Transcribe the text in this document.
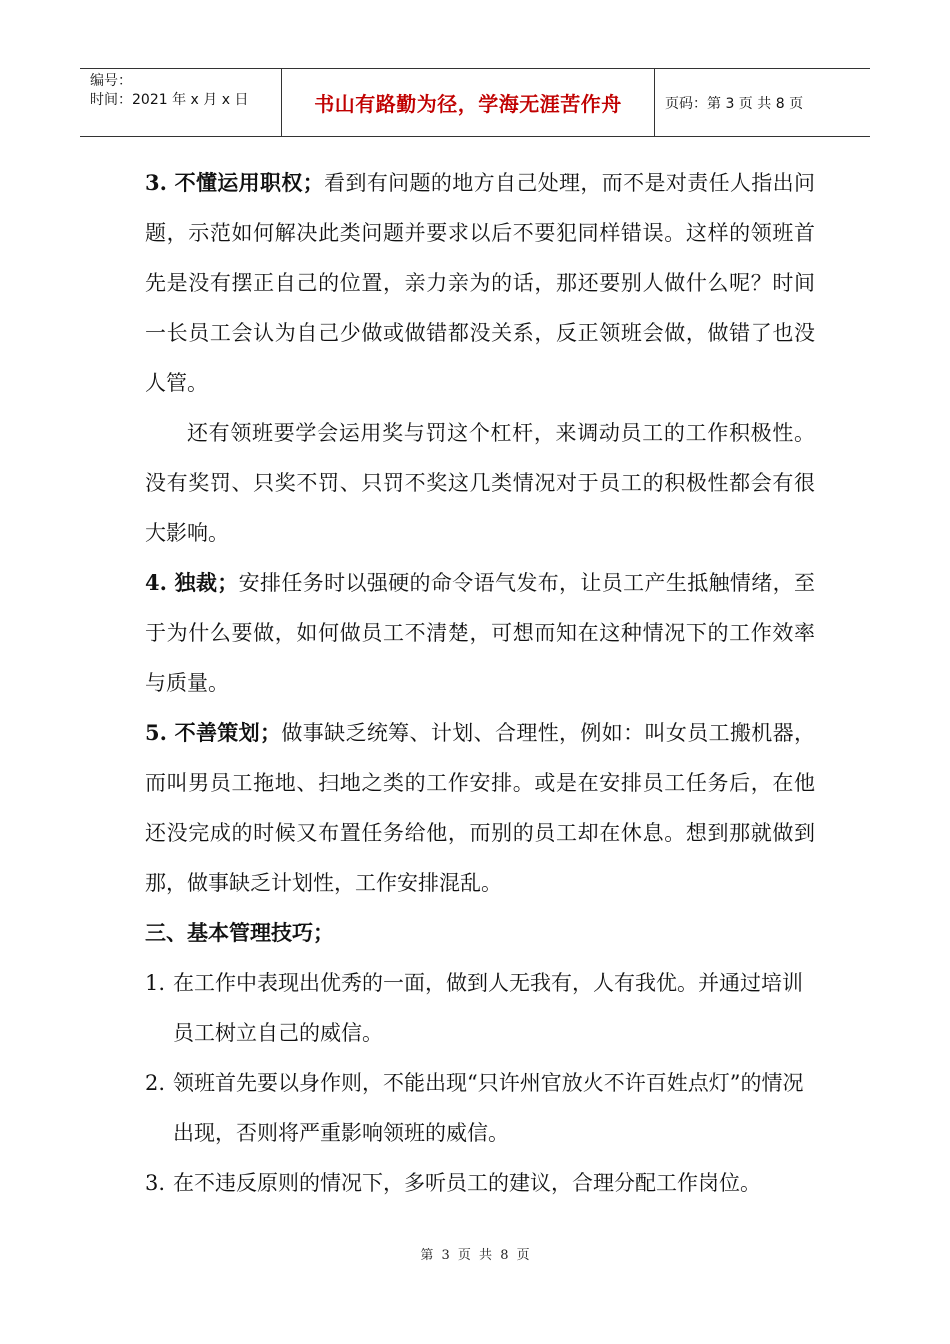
编号：
时间：2021 年 x 月 x 日	书山有路勤为径，学海无涯苦作舟	页码：第 3 页 共 8 页

3. 不懂运用职权；看到有问题的地方自己处理，而不是对责任人指出问题，示范如何解决此类问题并要求以后不要犯同样错误。这样的领班首先是没有摆正自己的位置，亲力亲为的话，那还要别人做什么呢？时间一长员工会认为自己少做或做错都没关系，反正领班会做，做错了也没人管。

还有领班要学会运用奖与罚这个杠杆，来调动员工的工作积极性。没有奖罚、只奖不罚、只罚不奖这几类情况对于员工的积极性都会有很大影响。

4. 独裁；安排任务时以强硬的命令语气发布，让员工产生抵触情绪，至于为什么要做，如何做员工不清楚，可想而知在这种情况下的工作效率与质量。

5. 不善策划；做事缺乏统筹、计划、合理性，例如：叫女员工搬机器，而叫男员工拖地、扫地之类的工作安排。或是在安排员工任务后，在他还没完成的时候又布置任务给他，而别的员工却在休息。想到那就做到那，做事缺乏计划性，工作安排混乱。

三、基本管理技巧；

1. 在工作中表现出优秀的一面，做到人无我有，人有我优。并通过培训员工树立自己的威信。
2. 领班首先要以身作则，不能出现“只许州官放火不许百姓点灯”的情况出现，否则将严重影响领班的威信。
3. 在不违反原则的情况下，多听员工的建议，合理分配工作岗位。
第 3 页 共 8 页
